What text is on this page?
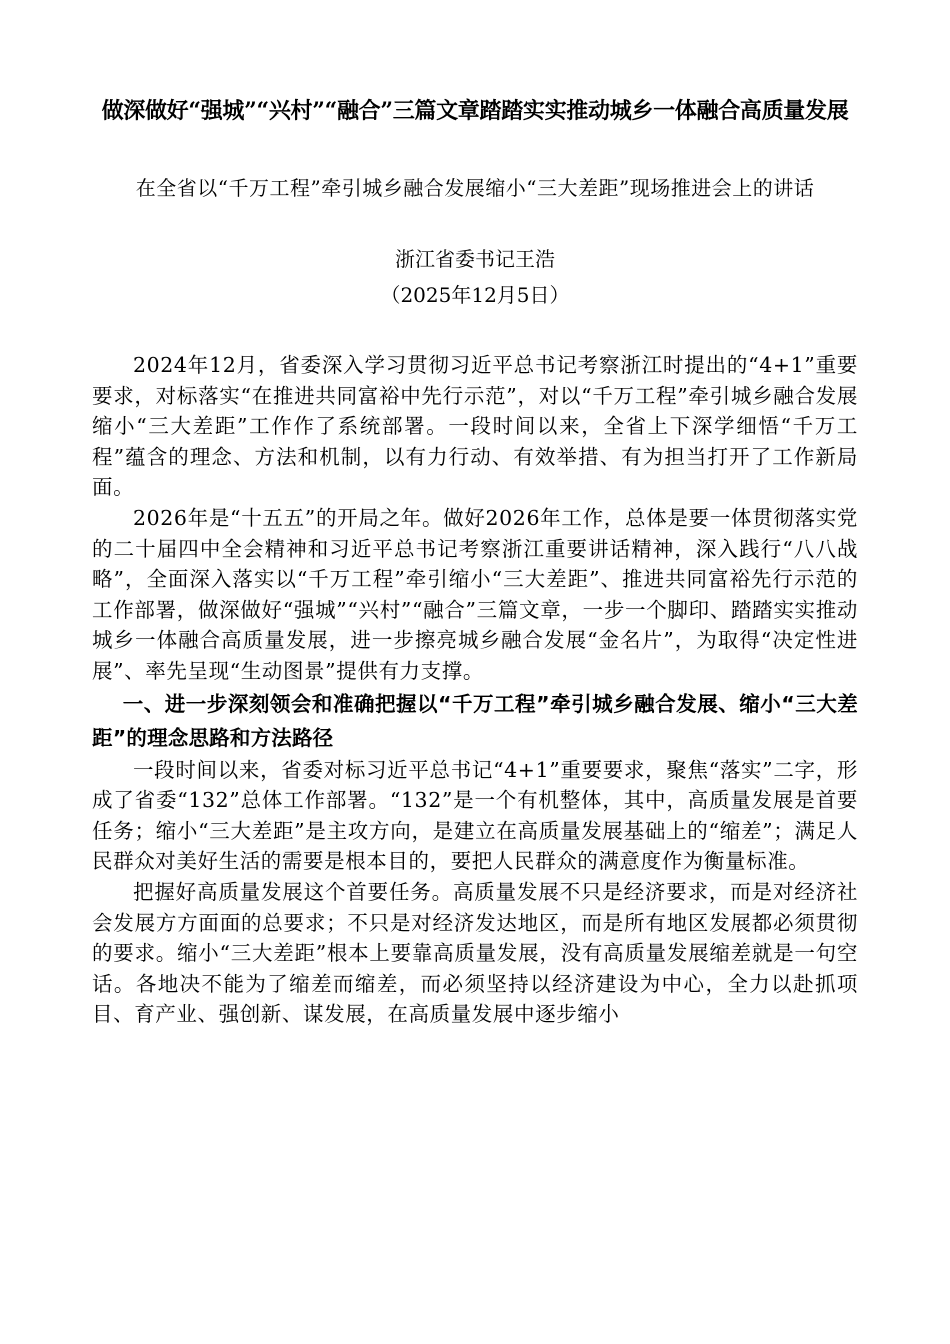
做深做好“强城”“兴村”“融合”三篇文章踏踏实实推动城乡一体融合高质量发展
在全省以“千万工程”牵引城乡融合发展缩小“三大差距”现场推进会上的讲话
浙江省委书记王浩
（2025年12月5日）

2024年12月，省委深入学习贯彻习近平总书记考察浙江时提出的“4+1”重要要求，对标落实“在推进共同富裕中先行示范”，对以“千万工程”牵引城乡融合发展缩小“三大差距”工作作了系统部署。一段时间以来，全省上下深学细悟“千万工程”蕴含的理念、方法和机制，以有力行动、有效举措、有为担当打开了工作新局面。

2026年是“十五五”的开局之年。做好2026年工作，总体是要一体贯彻落实党的二十届四中全会精神和习近平总书记考察浙江重要讲话精神，深入践行“八八战略”，全面深入落实以“千万工程”牵引缩小“三大差距”、推进共同富裕先行示范的工作部署，做深做好“强城”“兴村”“融合”三篇文章，一步一个脚印、踏踏实实推动城乡一体融合高质量发展，进一步擦亮城乡融合发展“金名片”，为取得“决定性进展”、率先呈现“生动图景”提供有力支撑。

一、进一步深刻领会和准确把握以“千万工程”牵引城乡融合发展、缩小“三大差距”的理念思路和方法路径

一段时间以来，省委对标习近平总书记“4+1”重要要求，聚焦“落实”二字，形成了省委“132”总体工作部署。“132”是一个有机整体，其中，高质量发展是首要任务；缩小“三大差距”是主攻方向，是建立在高质量发展基础上的“缩差”；满足人民群众对美好生活的需要是根本目的，要把人民群众的满意度作为衡量标准。

把握好高质量发展这个首要任务。高质量发展不只是经济要求，而是对经济社会发展方方面面的总要求；不只是对经济发达地区，而是所有地区发展都必须贯彻的要求。缩小“三大差距”根本上要靠高质量发展，没有高质量发展缩差就是一句空话。各地决不能为了缩差而缩差，而必须坚持以经济建设为中心，全力以赴抓项目、育产业、强创新、谋发展，在高质量发展中逐步缩小
